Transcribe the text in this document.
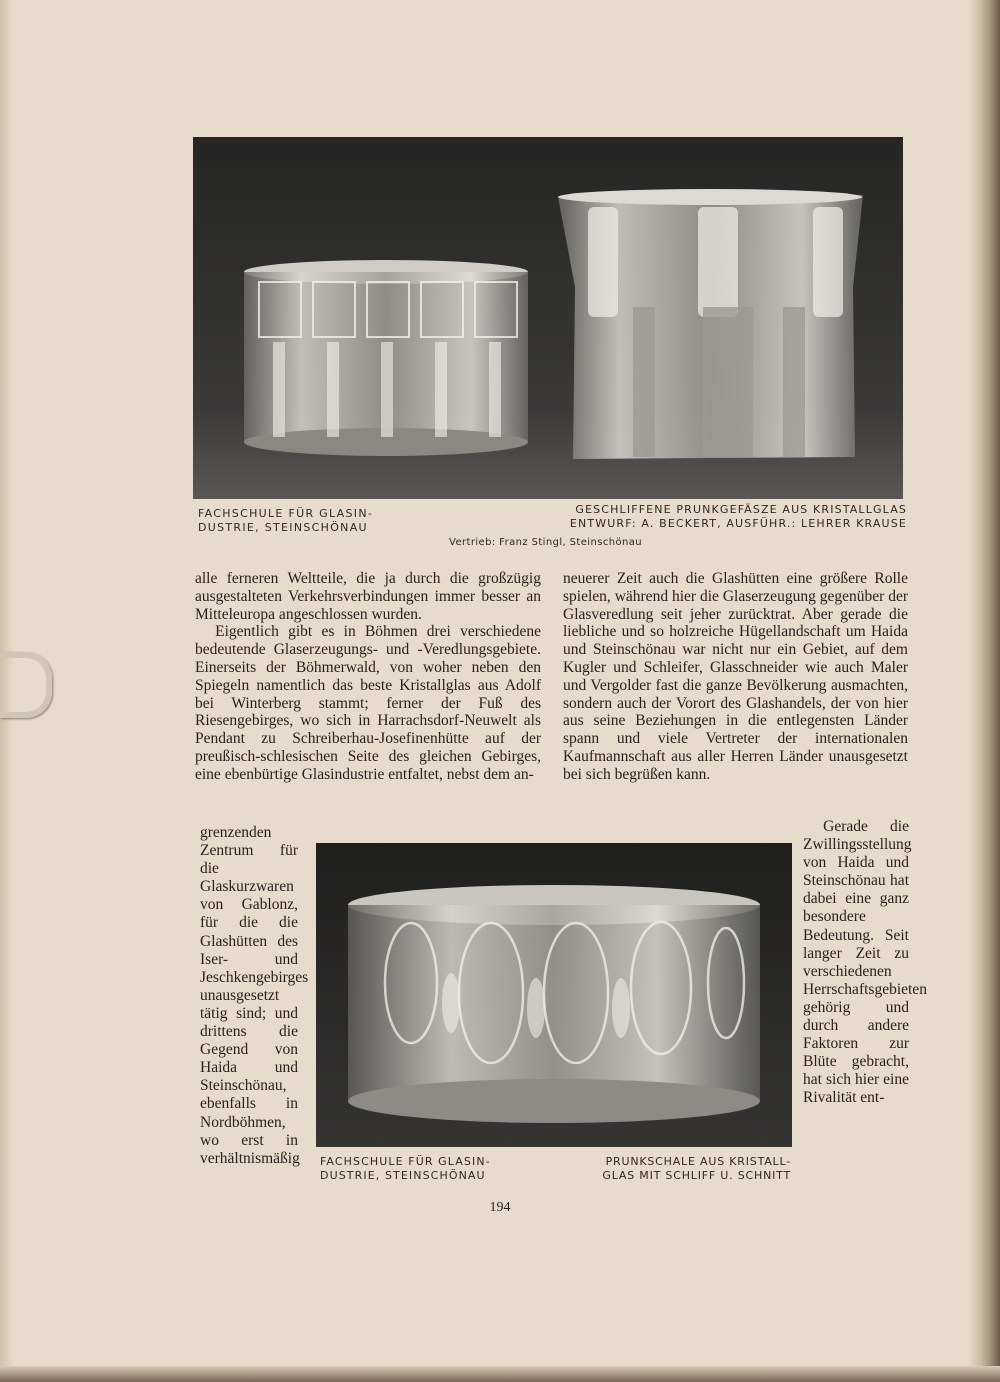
FACHSCHULE FÜR GLASIN-
DUSTRIE, STEINSCHÖNAU

GESCHLIFFENE PRUNKGEFÄSZE AUS KRISTALLGLAS
ENTWURF: A. BECKERT, AUSFÜHR.: LEHRER KRAUSE

Vertrieb: Franz Stingl, Steinschönau

alle ferneren Weltteile, die ja durch die großzügig ausgestalteten Verkehrsverbindungen immer besser an Mitteleuropa angeschlossen wurden.

Eigentlich gibt es in Böhmen drei verschiedene bedeutende Glaserzeugungs- und -Veredlungsgebiete. Einerseits der Böhmerwald, von woher neben den Spiegeln namentlich das beste Kristallglas aus Adolf bei Winterberg stammt; ferner der Fuß des Riesengebirges, wo sich in Harrachsdorf-Neuwelt als Pendant zu Schreiberhau-Josefinenhütte auf der preußisch-schlesischen Seite des gleichen Gebirges, eine ebenbürtige Glasindustrie entfaltet, nebst dem an-

neuerer Zeit auch die Glashütten eine größere Rolle spielen, während hier die Glaserzeugung gegenüber der Glasveredlung seit jeher zurücktrat. Aber gerade die liebliche und so holzreiche Hügellandschaft um Haida und Steinschönau war nicht nur ein Gebiet, auf dem Kugler und Schleifer, Glasschneider wie auch Maler und Vergolder fast die ganze Bevölkerung ausmachten, sondern auch der Vorort des Glashandels, der von hier aus seine Beziehungen in die entlegensten Länder spann und viele Vertreter der internationalen Kaufmannschaft aus aller Herren Länder unausgesetzt bei sich begrüßen kann.

grenzenden Zentrum für die Glaskurzwaren von Gablonz, für die die Glashütten des Iser- und Jeschkengebirges unausgesetzt tätig sind; und drittens die Gegend von Haida und Steinschönau, ebenfalls in Nordböhmen, wo erst in verhältnismäßig

Gerade die Zwillingsstellung von Haida und Steinschönau hat dabei eine ganz besondere Bedeutung. Seit langer Zeit zu verschiedenen Herrschaftsgebieten gehörig und durch andere Faktoren zur Blüte gebracht, hat sich hier eine Rivalität ent-

FACHSCHULE FÜR GLASIN-
DUSTRIE, STEINSCHÖNAU

PRUNKSCHALE AUS KRISTALL-
GLAS MIT SCHLIFF U. SCHNITT

194
